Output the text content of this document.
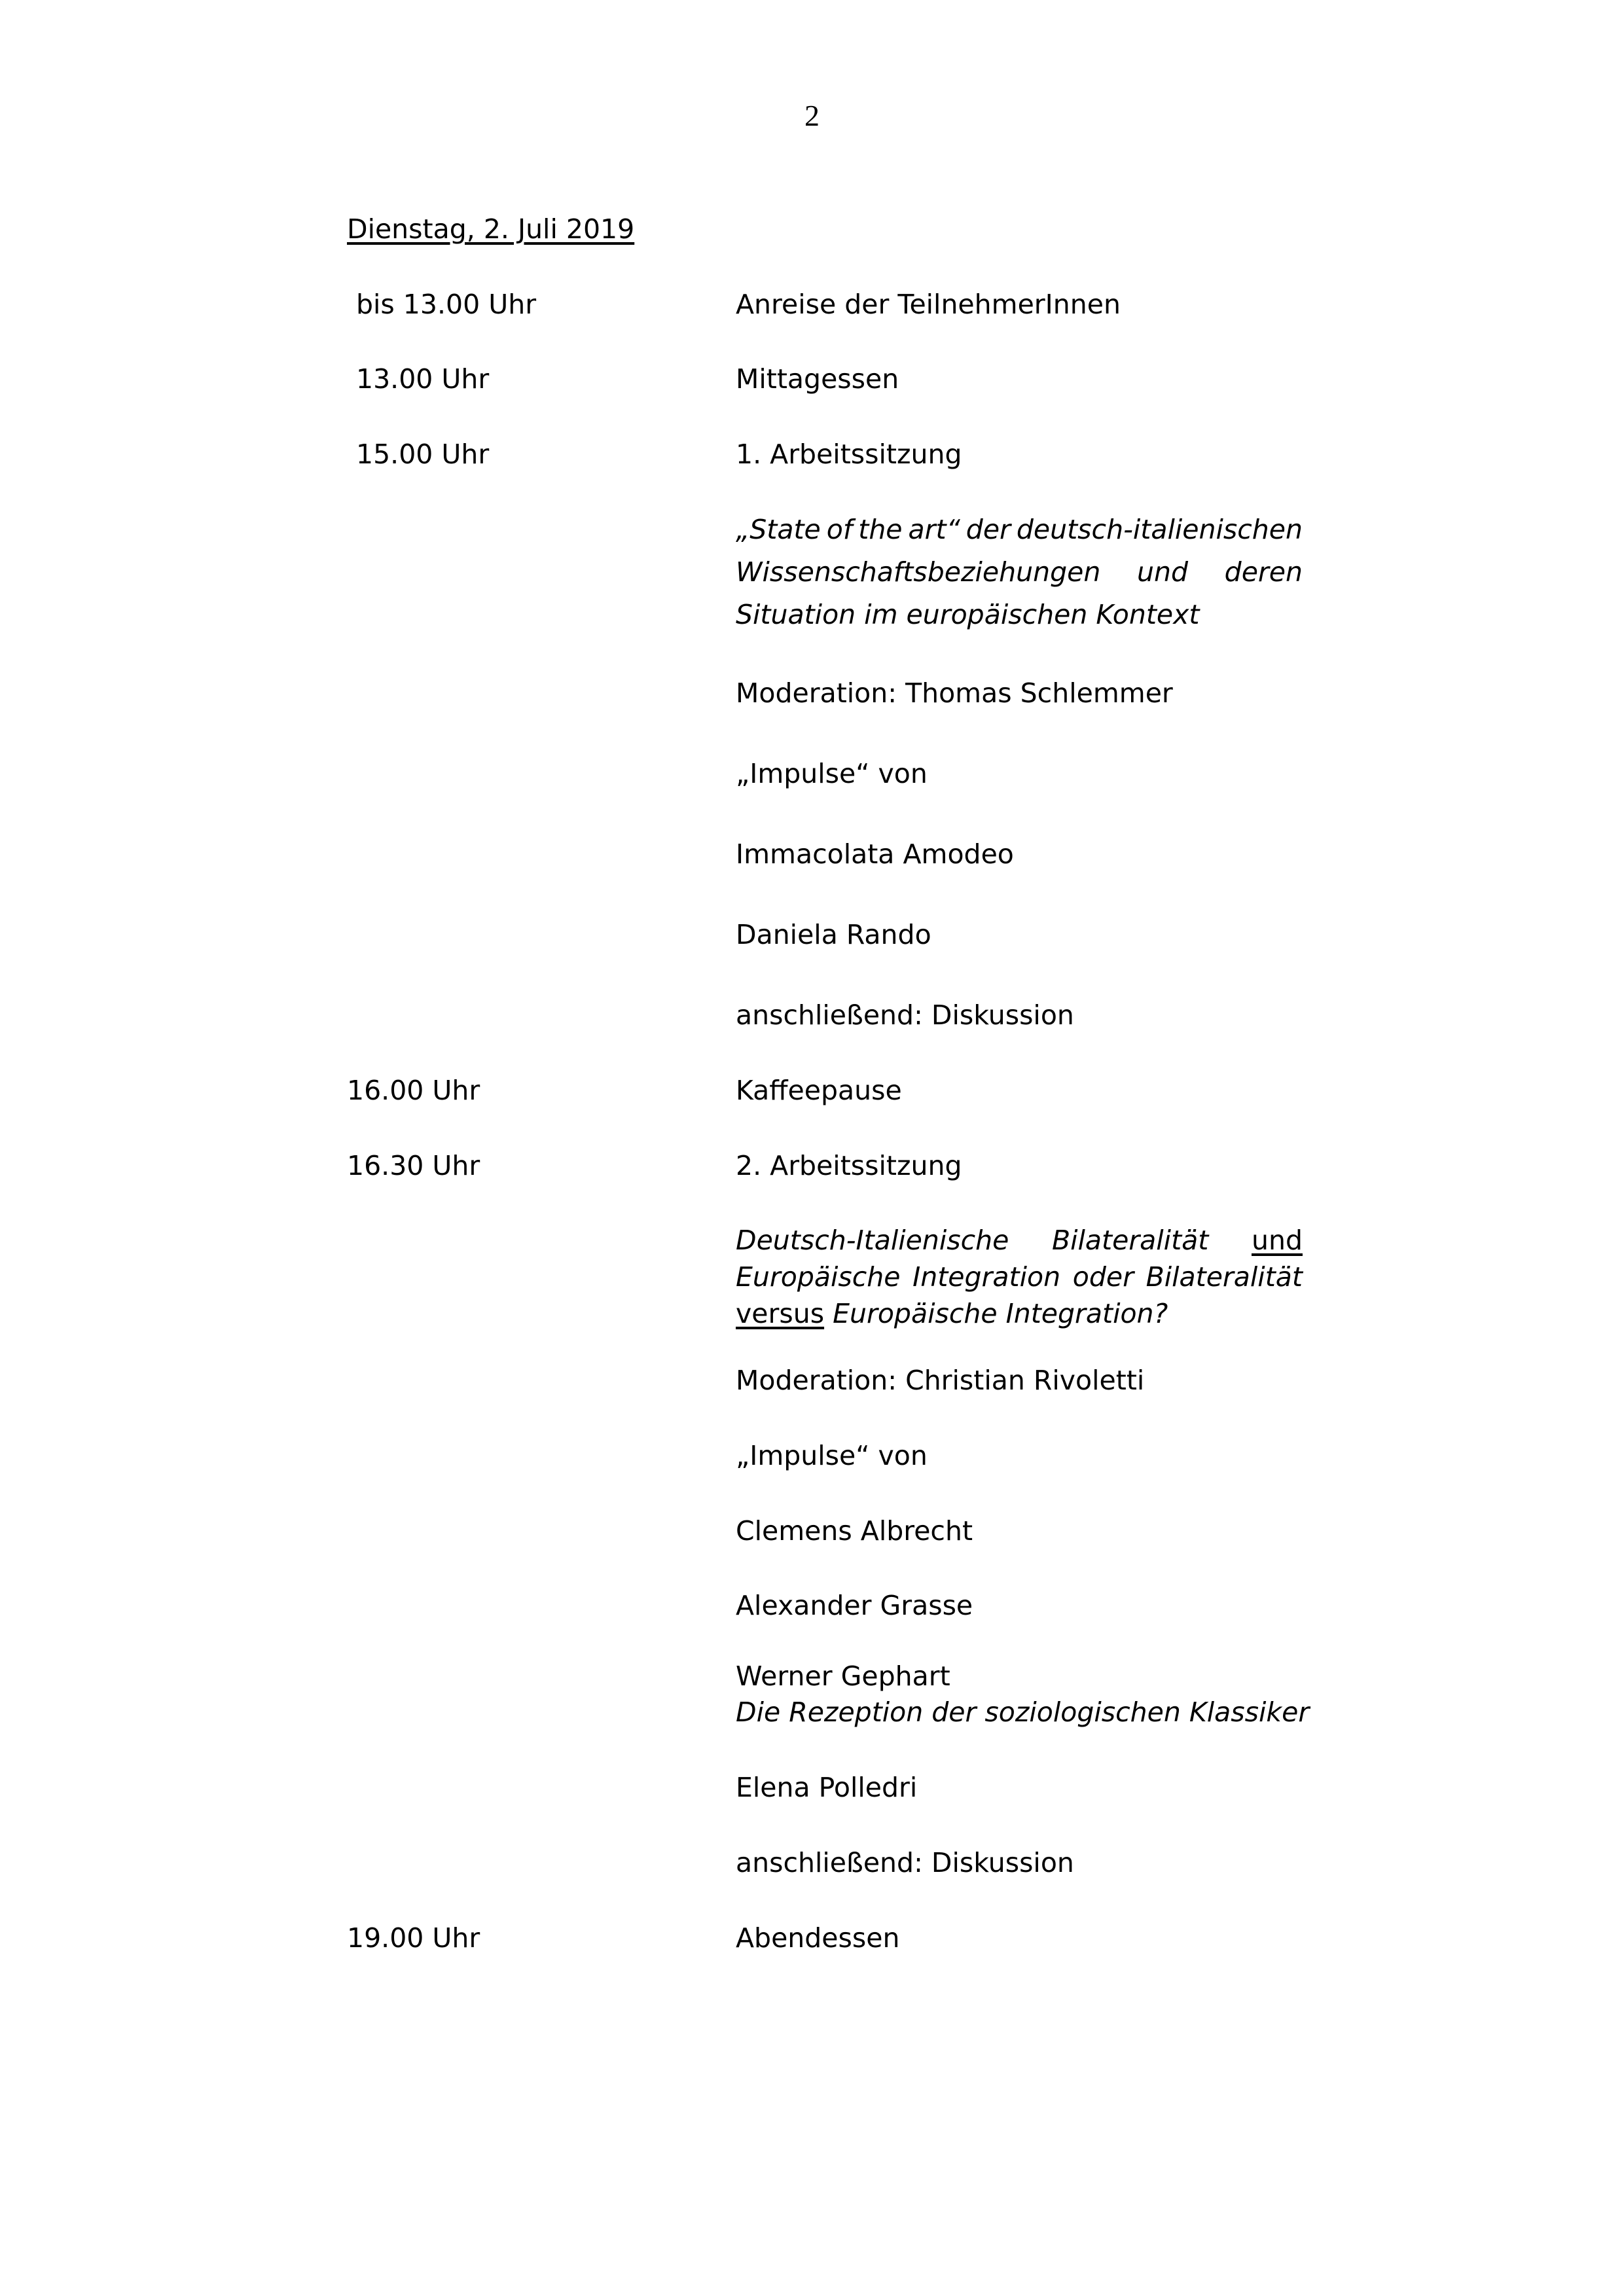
2
Dienstag, 2. Juli 2019
bis 13.00 Uhr	Anreise der TeilnehmerInnen
13.00 Uhr	Mittagessen
15.00 Uhr	1. Arbeitssitzung
„State of the art“ der deutsch-italienischen
Wissenschaftsbeziehungen und deren
Situation im europäischen Kontext
Moderation: Thomas Schlemmer
„Impulse“ von
Immacolata Amodeo
Daniela Rando
anschließend: Diskussion
16.00 Uhr	Kaffeepause
16.30 Uhr	2. Arbeitssitzung
Deutsch-Italienische Bilateralität und
Europäische Integration oder Bilateralität
versus Europäische Integration?
Moderation: Christian Rivoletti
„Impulse“ von
Clemens Albrecht
Alexander Grasse
Werner Gephart
Die Rezeption der soziologischen Klassiker
Elena Polledri
anschließend: Diskussion
19.00 Uhr	Abendessen
